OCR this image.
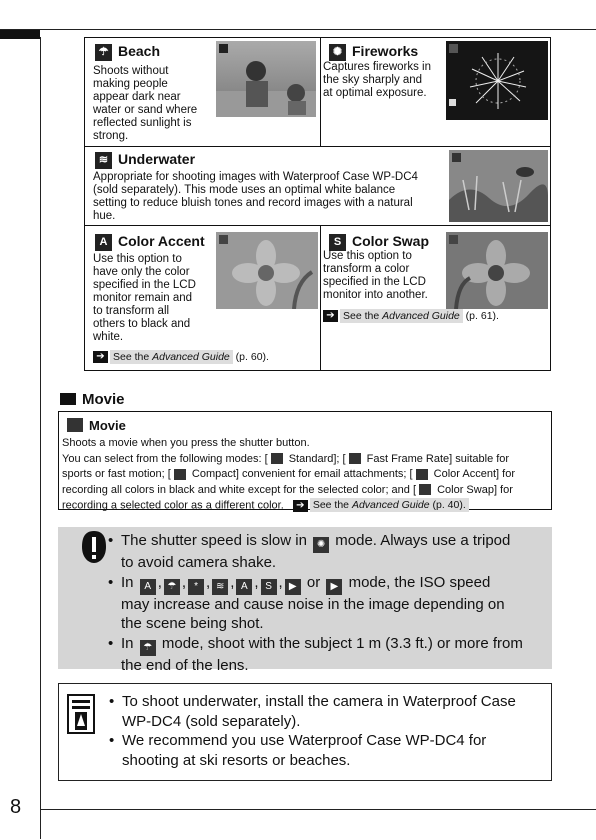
8
☂ Beach
Shoots without
making people
appear dark near
water or sand where
reflected sunlight is
strong.
✺ Fireworks
Captures fireworks in
the sky sharply and
at optimal exposure.
≋ Underwater
Appropriate for shooting images with Waterproof Case WP-DC4
(sold separately). This mode uses an optimal white balance
setting to reduce bluish tones and record images with a natural
hue.
A Color Accent
Use this option to
have only the color
specified in the LCD
monitor remain and
to transform all
others to black and
white.
➔ See the Advanced Guide (p. 60).
S Color Swap
Use this option to
transform a color
specified in the LCD
monitor into another.
➔ See the Advanced Guide (p. 61).
Movie
Movie
Shoots a movie when you press the shutter button.
You can select from the following modes: [ Standard]; [ Fast Frame Rate] suitable for
sports or fast motion; [ Compact] convenient for email attachments; [ Color Accent] for
recording all colors in black and white except for the selected color; and [ Color Swap] for
recording a selected color as a different color. ➔ See the Advanced Guide (p. 40).
• The shutter speed is slow in ✺ mode. Always use a tripod
to avoid camera shake.
• In A , ☂ , * , ≋ , A , S , ▶ or ▶ mode, the ISO speed
may increase and cause noise in the image depending on
the scene being shot.
• In ☂ mode, shoot with the subject 1 m (3.3 ft.) or more from
the end of the lens.
• To shoot underwater, install the camera in Waterproof Case
WP-DC4 (sold separately).
• We recommend you use Waterproof Case WP-DC4 for
shooting at ski resorts or beaches.
